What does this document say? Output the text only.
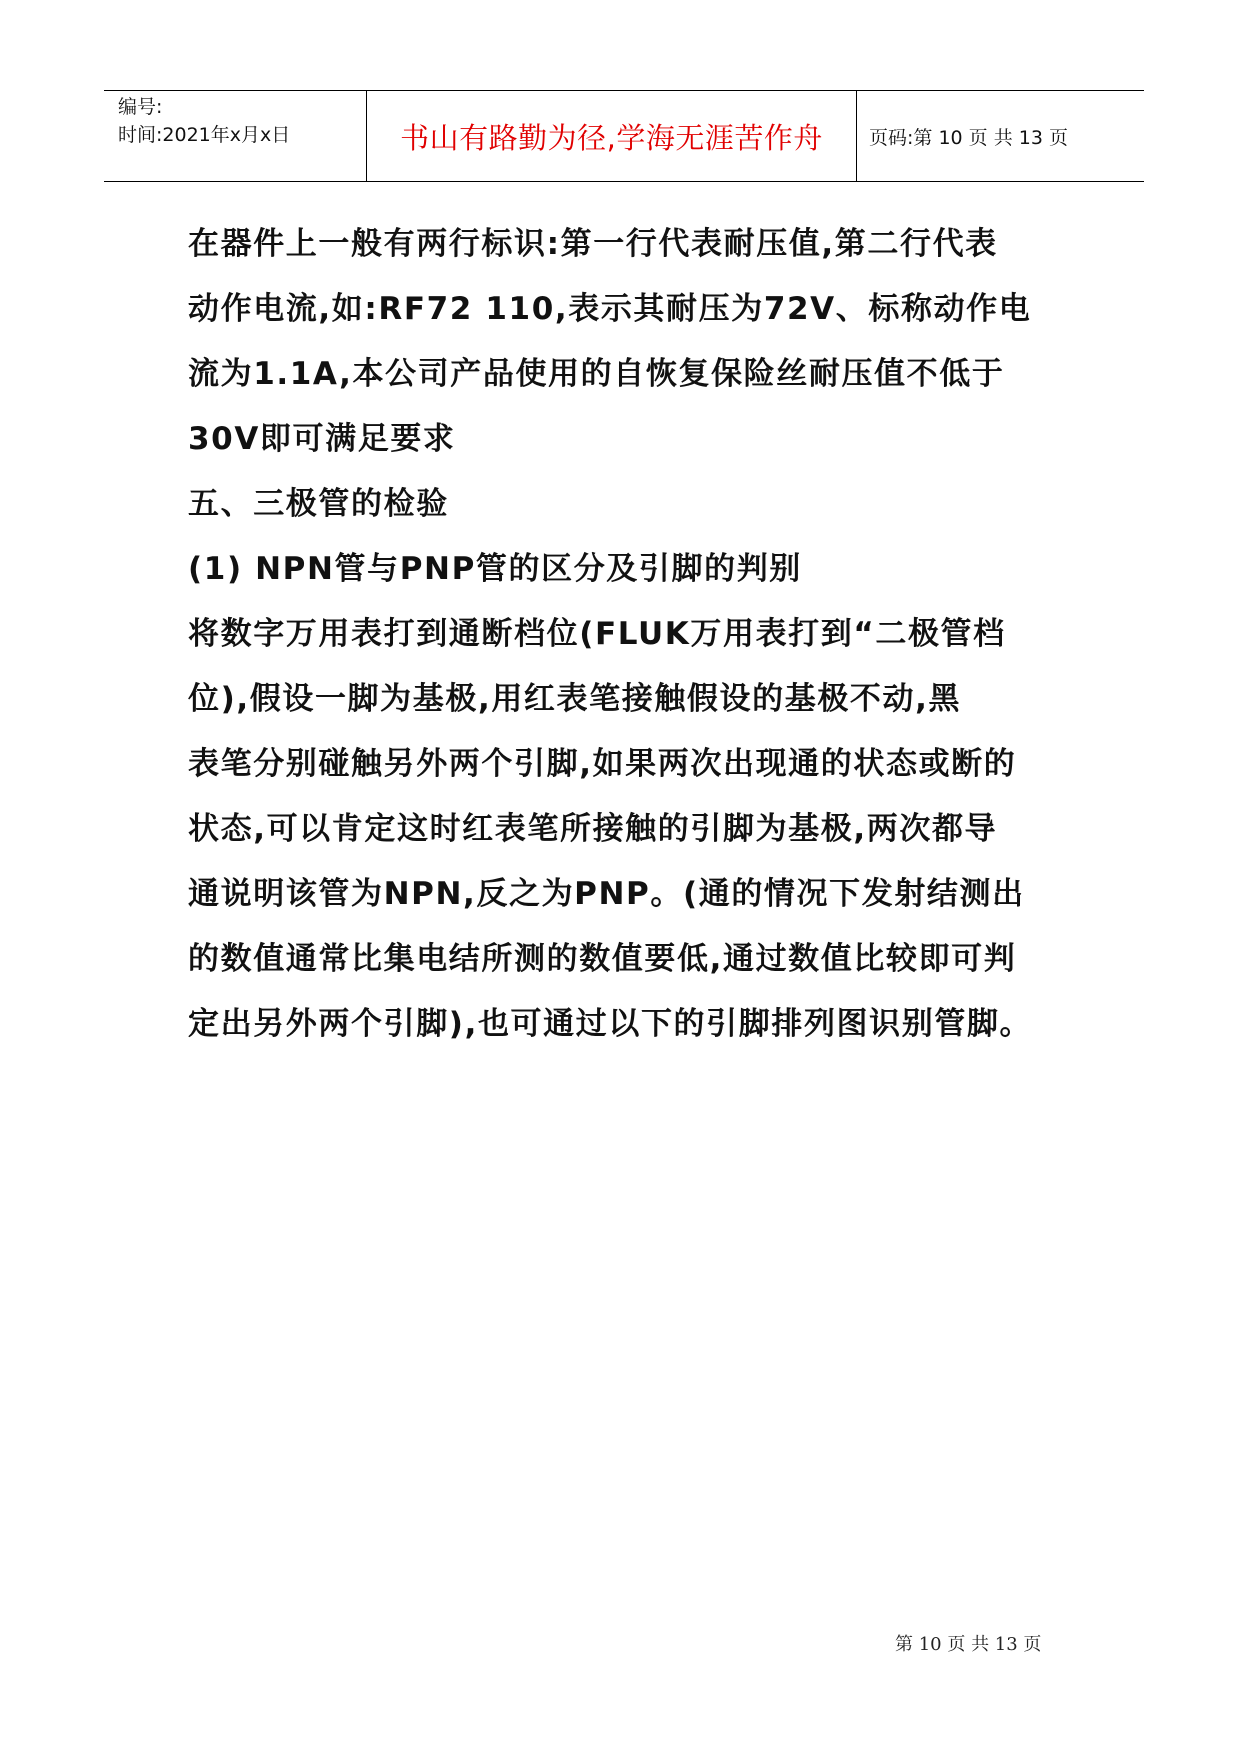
编号:
时间:2021年x月x日	书山有路勤为径,学海无涯苦作舟 页码:第 10 页 共 13 页

在器件上一般有两行标识:第一行代表耐压值,第二行代表

动作电流,如:RF72 110,表示其耐压为72V、标称动作电

流为1.1A,本公司产品使用的自恢复保险丝耐压值不低于

30V即可满足要求

五、三极管的检验

(1) NPN管与PNP管的区分及引脚的判别

将数字万用表打到通断档位(FLUK万用表打到“二极管档

位),假设一脚为基极,用红表笔接触假设的基极不动,黑

表笔分别碰触另外两个引脚,如果两次出现通的状态或断的

状态,可以肯定这时红表笔所接触的引脚为基极,两次都导

通说明该管为NPN,反之为PNP。(通的情况下发射结测出

的数值通常比集电结所测的数值要低,通过数值比较即可判

定出另外两个引脚),也可通过以下的引脚排列图识别管脚。

第 10 页 共 13 页
